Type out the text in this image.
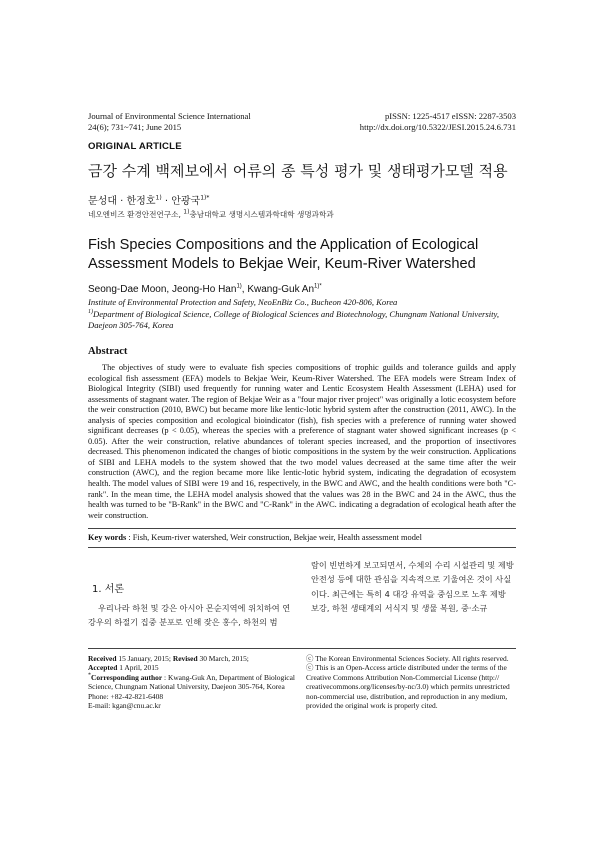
Journal of Environmental Science International
24(6); 731~741; June 2015
pISSN: 1225-4517 eISSN: 2287-3503
http://dx.doi.org/10.5322/JESI.2015.24.6.731
ORIGINAL ARTICLE
금강 수계 백제보에서 어류의 종 특성 평가 및 생태평가모델 적용
문성대 · 한정호$^{1)}$ · 안광국$^{1)*}$
네오엔비즈 환경안전연구소, $^{1)}$충남대학교 생명시스템과학대학 생명과학과
Fish Species Compositions and the Application of Ecological Assessment Models to Bekjae Weir, Keum-River Watershed
Seong-Dae Moon, Jeong-Ho Han$^{1)}$, Kwang-Guk $An^{1)*}$

Institute of Environmental Protection and Safety, NeoEnBiz Co., Bucheon 420-806, Korea

$^{1)}$Department of Biological Science, College of Biological Sciences and Biotechnology, Chungnam National University, Daejeon 305-764, Korea

Abstract
The objectives of study were to evaluate fish species compositions of trophic guilds and tolerance guilds and apply ecological fish assessment (EFA) models to Bekjae Weir, Keum-River Watershed. The EFA models were Stream Index of Biological Integrity (SIBI) used frequently for running water and Lentic Ecosystem Health Assessment (LEHA) used for assessments of stagnant water. The region of Bekjae Weir as a "four major river project" was originally a lotic ecosystem before the weir construction (2010, BWC) but became more like lentic-lotic hybrid system after the construction (2011, AWC). In the analysis of species composition and ecological bioindicator (fish), fish species with a preference of running water showed significant decreases (p < 0.05), whereas the species with a preference of stagnant water showed significant increases (p < 0.05). After the weir construction, relative abundances of tolerant species increased, and the proportion of insectivores decreased. This phenomenon indicated the changes of biotic compositions in the system by the weir construction. Applications of SIBI and LEHA models to the system showed that the two model values decreased at the same time after the weir construction (AWC), and the region became more like lentic-lotic hybrid system, indicating the degradation of ecosystem health. The model values of SIBI were 19 and 16, respectively, in the BWC and AWC, and the health conditions were both "C-rank". In the mean time, the LEHA model analysis showed that the values was 28 in the BWC and 24 in the AWC, thus the health was turned to be "B-Rank" in the BWC and "C-Rank" in the AWC. indicating a degradation of ecological heath after the weir construction.
Key words : Fish, Keum-river watershed, Weir construction, Bekjae weir, Health assessment model
1. 서론
우리나라 하천 및 강은 아시아 몬순지역에 위치하여 연강우의 하절기 집중 분포로 인해 잦은 홍수, 하천의 범
람이 빈번하게 보고되면서, 수체의 수리 시설관리 및 제방 안전성 등에 대한 관심을 지속적으로 기울여온 것이 사실이다. 최근에는 특히 4 대강 유역을 중심으로 노후 제방 보강, 하천 생태계의 서식지 및 생물 복원, 중·소규

Received 15 January, 2015; Revised 30 March, 2015;

Accepted 1 April, 2015

*Corresponding author : Kwang-Guk An, Department of Biological Science, Chungnam National University, Daejeon 305-764, Korea

Phone: +82-42-821-6408

E-mail: kgan@cnu.ac.kr

ⓒ The Korean Environmental Sciences Society. All rights reserved.

ⓒ This is an Open-Access article distributed under the terms of the Creative Commons Attribution Non-Commercial License (http:// creativecommons.org/licenses/by-nc/3.0) which permits unrestricted non-commercial use, distribution, and reproduction in any medium, provided the original work is properly cited.
